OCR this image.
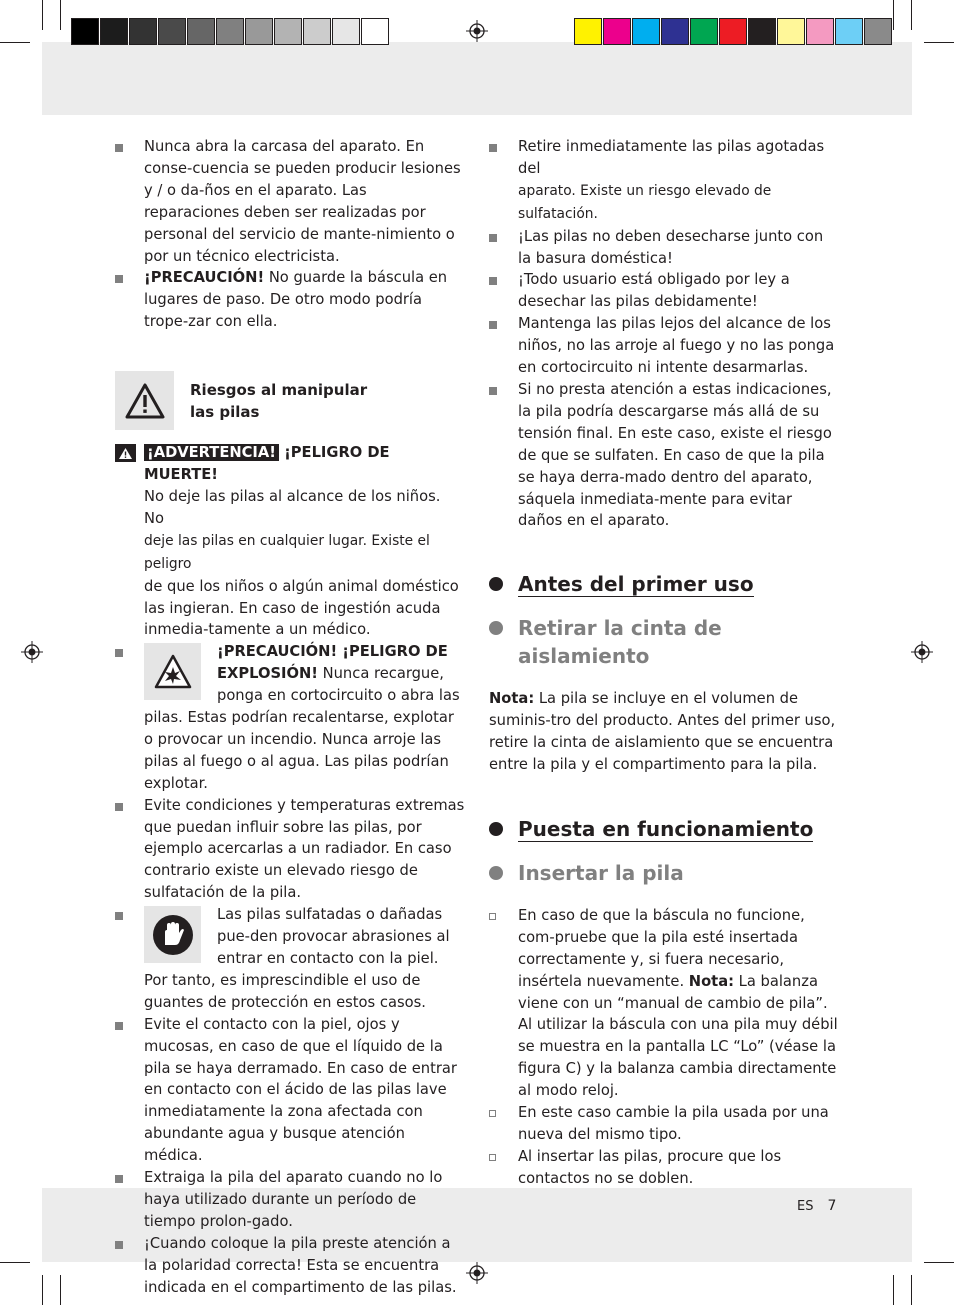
Nunca abra la carcasa del aparato. En conse-cuencia se pueden producir lesiones y / o da-ños en el aparato. Las reparaciones deben ser realizadas por personal del servicio de mante-nimiento o por un técnico electricista.
¡PRECAUCIÓN! No guarde la báscula en lugares de paso. De otro modo podría trope-zar con ella.
Riesgos al manipular las pilas
¡ADVERTENCIA! ¡PELIGRO DE MUERTE!
No deje las pilas al alcance de los niños. No
deje las pilas en cualquier lugar. Existe el peligro
de que los niños o algún animal doméstico las ingieran. En caso de ingestión acuda inmedia-tamente a un médico.
¡PRECAUCIÓN! ¡PELIGRO DE EXPLOSIÓN! Nunca recargue, ponga en cortocircuito o abra las pilas. Estas podrían recalentarse, explotar o provocar un incendio. Nunca arroje las pilas al fuego o al agua. Las pilas podrían explotar.
Evite condiciones y temperaturas extremas que puedan influir sobre las pilas, por ejemplo acercarlas a un radiador. En caso contrario existe un elevado riesgo de sulfatación de la pila.
Las pilas sulfatadas o dañadas pue-den provocar abrasiones al entrar en contacto con la piel. Por tanto, es imprescindible el uso de guantes de protección en estos casos.
Evite el contacto con la piel, ojos y mucosas, en caso de que el líquido de la pila se haya derramado. En caso de entrar en contacto con el ácido de las pilas lave inmediatamente la zona afectada con abundante agua y busque atención médica.
Extraiga la pila del aparato cuando no lo haya utilizado durante un período de tiempo prolon-gado.
¡Cuando coloque la pila preste atención a la polaridad correcta! Esta se encuentra indicada en el compartimento de las pilas.
Retire inmediatamente las pilas agotadas del
aparato. Existe un riesgo elevado de sulfatación.
¡Las pilas no deben desecharse junto con la basura doméstica!
¡Todo usuario está obligado por ley a desechar las pilas debidamente!
Mantenga las pilas lejos del alcance de los niños, no las arroje al fuego y no las ponga en cortocircuito ni intente desarmarlas.
Si no presta atención a estas indicaciones, la pila podría descargarse más allá de su tensión final. En este caso, existe el riesgo de que se sulfaten. En caso de que la pila se haya derra-mado dentro del aparato, sáquela inmediata-mente para evitar daños en el aparato.
Antes del primer uso
Retirar la cinta de aislamiento
Nota: La pila se incluye en el volumen de suminis-tro del producto. Antes del primer uso, retire la cinta de aislamiento que se encuentra entre la pila y el compartimento para la pila.
Puesta en funcionamiento
Insertar la pila
En caso de que la báscula no funcione, com-pruebe que la pila esté insertada correctamente y, si fuera necesario, insértela nuevamente. Nota: La balanza viene con un “manual de cambio de pila”. Al utilizar la báscula con una pila muy débil se muestra en la pantalla LC “Lo” (véase la figura C) y la balanza cambia directamente al modo reloj.
En este caso cambie la pila usada por una nueva del mismo tipo.
Al insertar las pilas, procure que los contactos no se doblen.
ES 7
